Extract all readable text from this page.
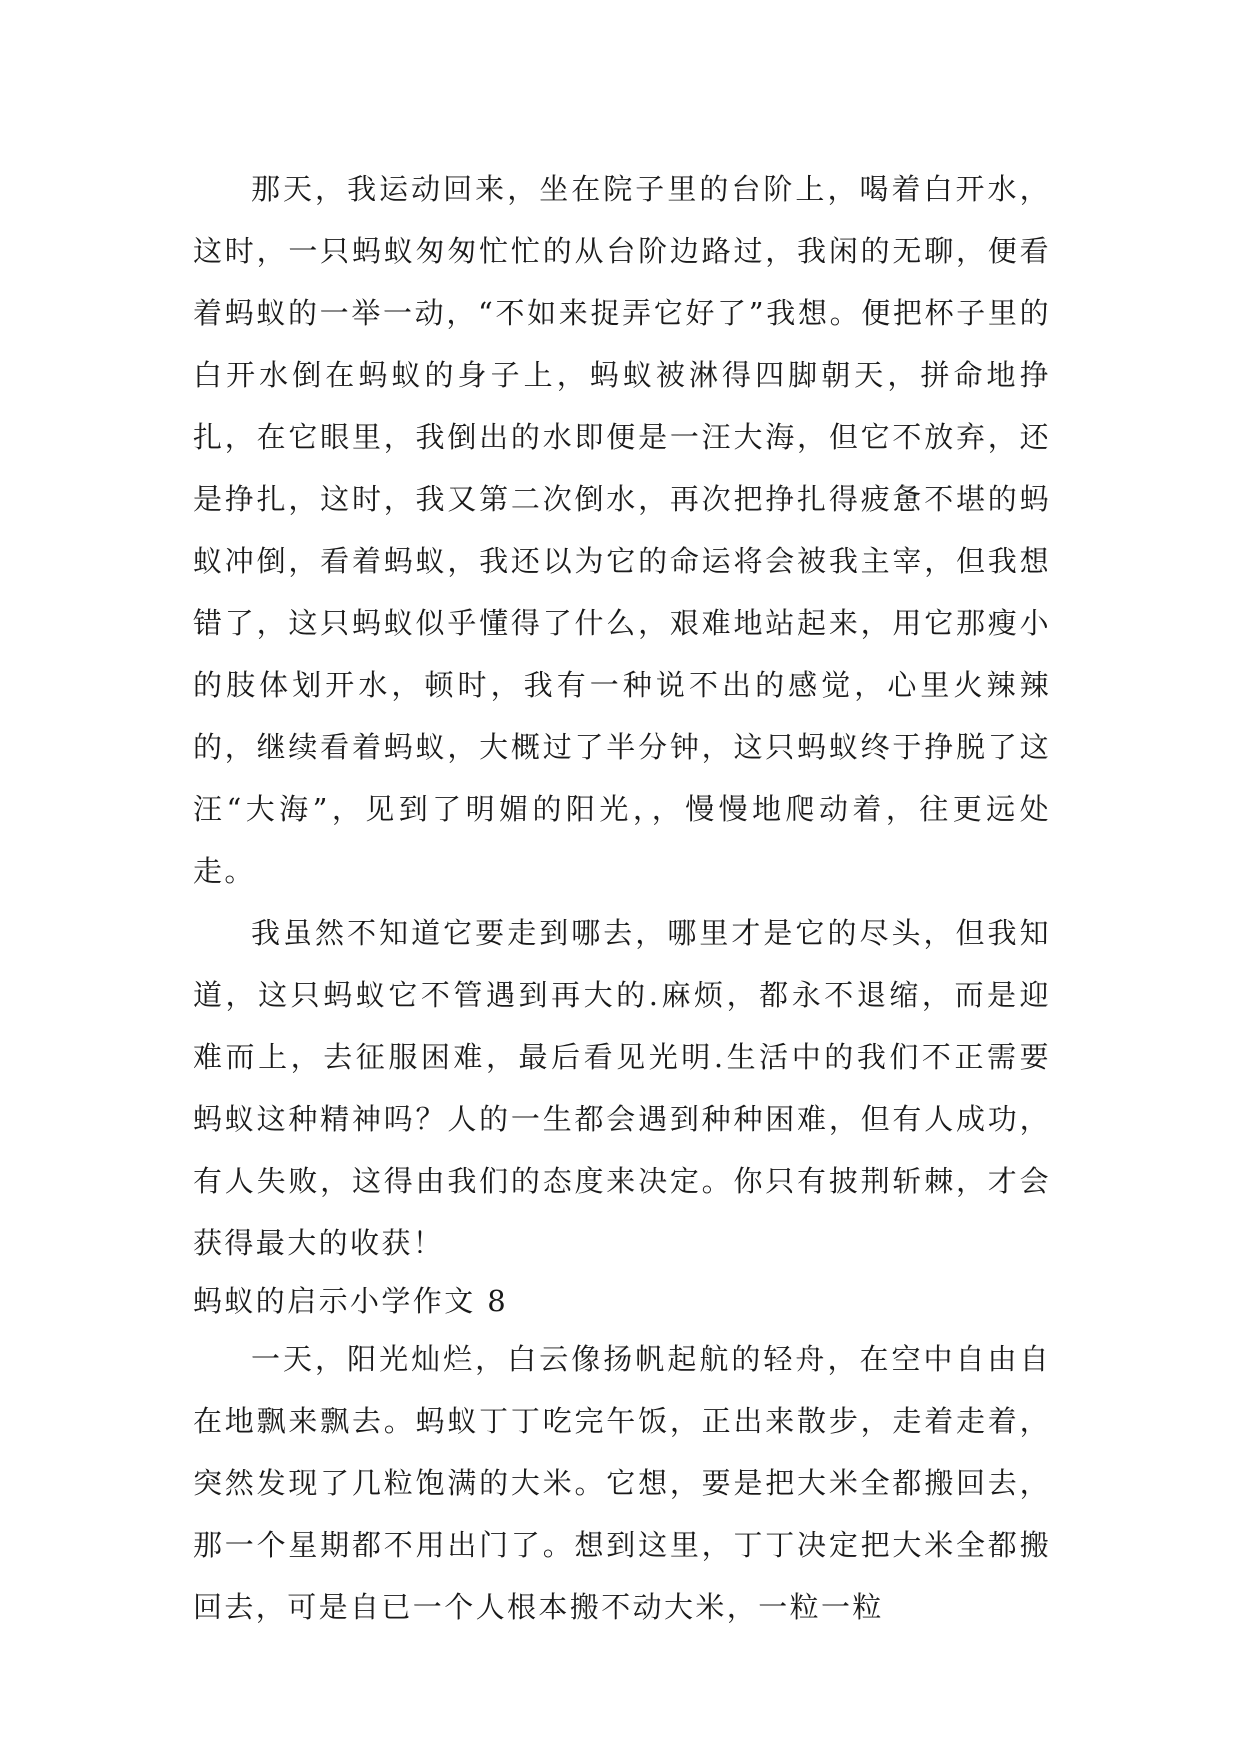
那天，我运动回来，坐在院子里的台阶上，喝着白开水，这时，一只蚂蚁匆匆忙忙的从台阶边路过，我闲的无聊，便看着蚂蚁的一举一动，“不如来捉弄它好了”我想。便把杯子里的白开水倒在蚂蚁的身子上，蚂蚁被淋得四脚朝天，拼命地挣扎，在它眼里，我倒出的水即便是一汪大海，但它不放弃，还是挣扎，这时，我又第二次倒水，再次把挣扎得疲惫不堪的蚂蚁冲倒，看着蚂蚁，我还以为它的命运将会被我主宰，但我想错了，这只蚂蚁似乎懂得了什么，艰难地站起来，用它那瘦小的肢体划开水，顿时，我有一种说不出的感觉，心里火辣辣的，继续看着蚂蚁，大概过了半分钟，这只蚂蚁终于挣脱了这汪“大海”，见到了明媚的阳光，，慢慢地爬动着，往更远处走。

我虽然不知道它要走到哪去，哪里才是它的尽头，但我知道，这只蚂蚁它不管遇到再大的.麻烦，都永不退缩，而是迎难而上，去征服困难，最后看见光明.生活中的我们不正需要蚂蚁这种精神吗？人的一生都会遇到种种困难，但有人成功，有人失败，这得由我们的态度来决定。你只有披荆斩棘，才会获得最大的收获！

蚂蚁的启示小学作文 8

一天，阳光灿烂，白云像扬帆起航的轻舟，在空中自由自在地飘来飘去。蚂蚁丁丁吃完午饭，正出来散步，走着走着，突然发现了几粒饱满的大米。它想，要是把大米全都搬回去，那一个星期都不用出门了。想到这里，丁丁决定把大米全都搬回去，可是自已一个人根本搬不动大米，一粒一粒
